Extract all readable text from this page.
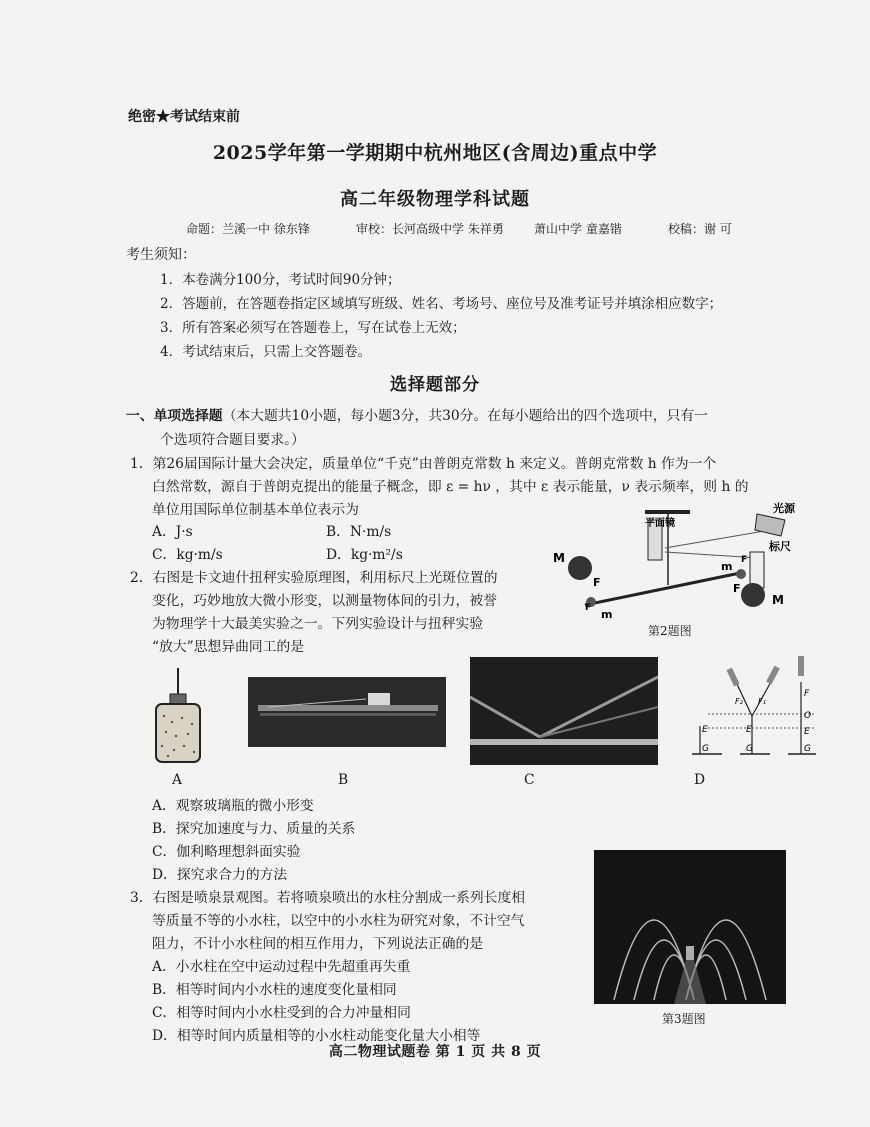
绝密★考试结束前
2025学年第一学期期中杭州地区(含周边)重点中学
高二年级物理学科试题
命题：兰溪一中 徐东锋	审校：长河高级中学 朱祥勇	萧山中学 童嘉锴	校稿：谢 可
考生须知：
1．本卷满分100分，考试时间90分钟；
2．答题前，在答题卷指定区域填写班级、姓名、考场号、座位号及准考证号并填涂相应数字；
3．所有答案必须写在答题卷上，写在试卷上无效；
4．考试结束后，只需上交答题卷。
选择题部分
一、单项选择题（本大题共10小题，每小题3分，共30分。在每小题给出的四个选项中，只有一
个选项符合题目要求。）
1．第26届国际计量大会决定，质量单位“千克”由普朗克常数 h 来定义。普朗克常数 h 作为一个
白然常数，源自于普朗克提出的能量子概念，即 ε = hν ，其中 ε 表示能量，ν 表示频率，则 h 的
单位用国际单位制基本单位表示为
A．J·s	B．N·m/s
C．kg·m/s	D．kg·m²/s	M
M
m
m
F	F
F
F
平面镜
光源
标尺
第2题图
2．右图是卡文迪什扭秤实验原理图，利用标尺上光斑位置的
变化，巧妙地放大微小形变，以测量物体间的引力，被誉
为物理学十大最美实验之一。下列实验设计与扭秤实验
“放大”思想异曲同工的是
A	B	C
F₂ F₁
F
O
E	E	E
G	G	G
D
A．观察玻璃瓶的微小形变
B．探究加速度与力、质量的关系
C．伽利略理想斜面实验
D．探究求合力的方法
3．右图是喷泉景观图。若将喷泉喷出的水柱分割成一系列长度相
等质量不等的小水柱，以空中的小水柱为研究对象，不计空气
阻力，不计小水柱间的相互作用力，下列说法正确的是
A．小水柱在空中运动过程中先超重再失重
B．相等时间内小水柱的速度变化量相同
C．相等时间内小水柱受到的合力冲量相同
D．相等时间内质量相等的小水柱动能变化量大小相等
第3题图
高二物理试题卷 第 1 页 共 8 页
